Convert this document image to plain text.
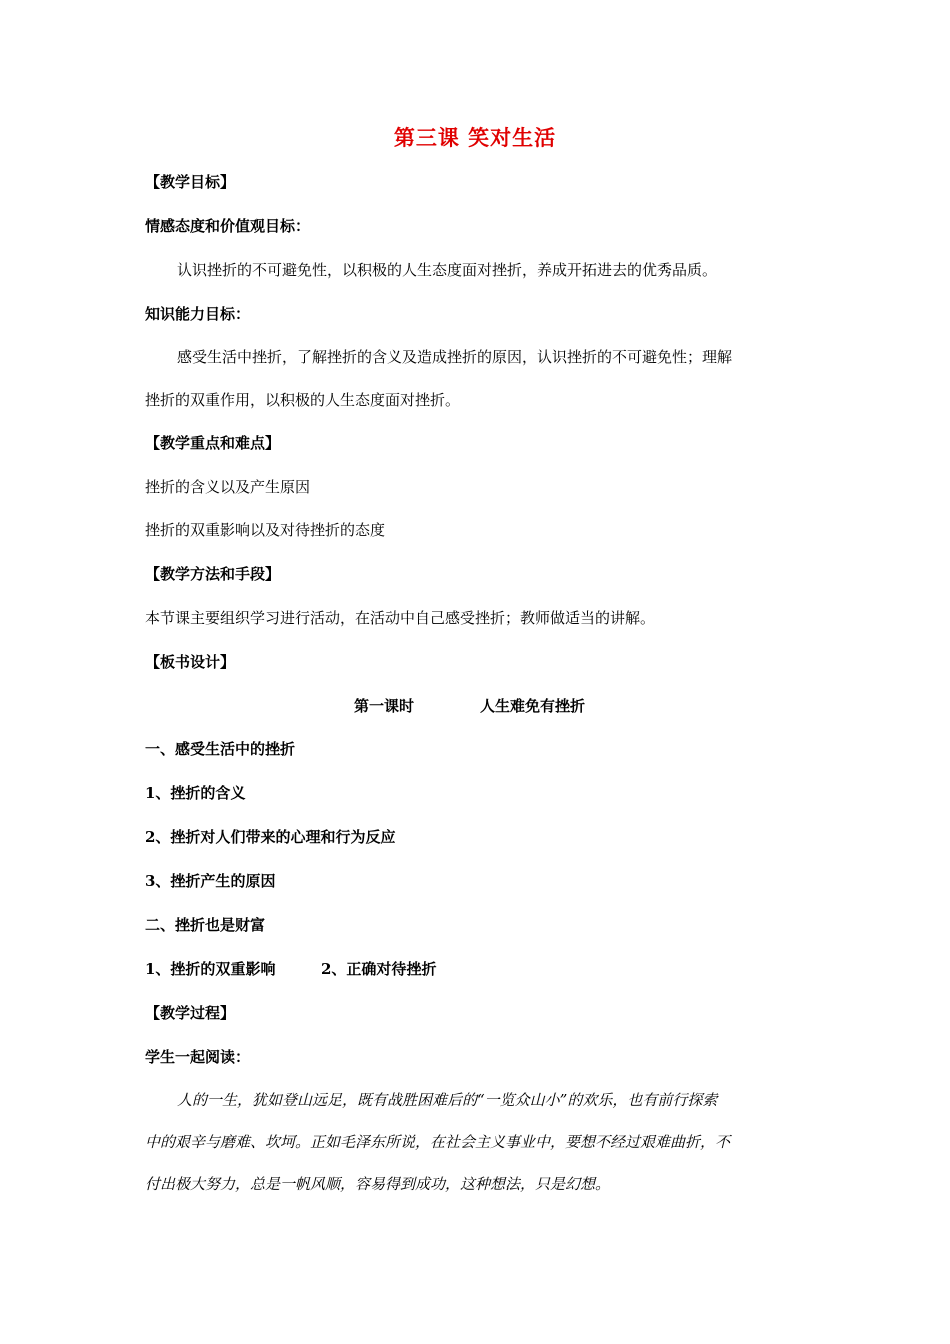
第三课 笑对生活
【教学目标】
情感态度和价值观目标：
认识挫折的不可避免性，以积极的人生态度面对挫折，养成开拓进去的优秀品质。
知识能力目标：
感受生活中挫折，了解挫折的含义及造成挫折的原因，认识挫折的不可避免性；理解
挫折的双重作用，以积极的人生态度面对挫折。
【教学重点和难点】
挫折的含义以及产生原因
挫折的双重影响以及对待挫折的态度
【教学方法和手段】
本节课主要组织学习进行活动，在活动中自己感受挫折；教师做适当的讲解。
【板书设计】
第一课时	人生难免有挫折
一、感受生活中的挫折
1、挫折的含义
2、挫折对人们带来的心理和行为反应
3、挫折产生的原因
二、挫折也是财富
1、挫折的双重影响	2、正确对待挫折
【教学过程】
学生一起阅读：
人的一生，犹如登山远足，既有战胜困难后的“一览众山小”的欢乐，也有前行探索
中的艰辛与磨难、坎坷。正如毛泽东所说，在社会主义事业中，要想不经过艰难曲折，不
付出极大努力，总是一帆风顺，容易得到成功，这种想法，只是幻想。
